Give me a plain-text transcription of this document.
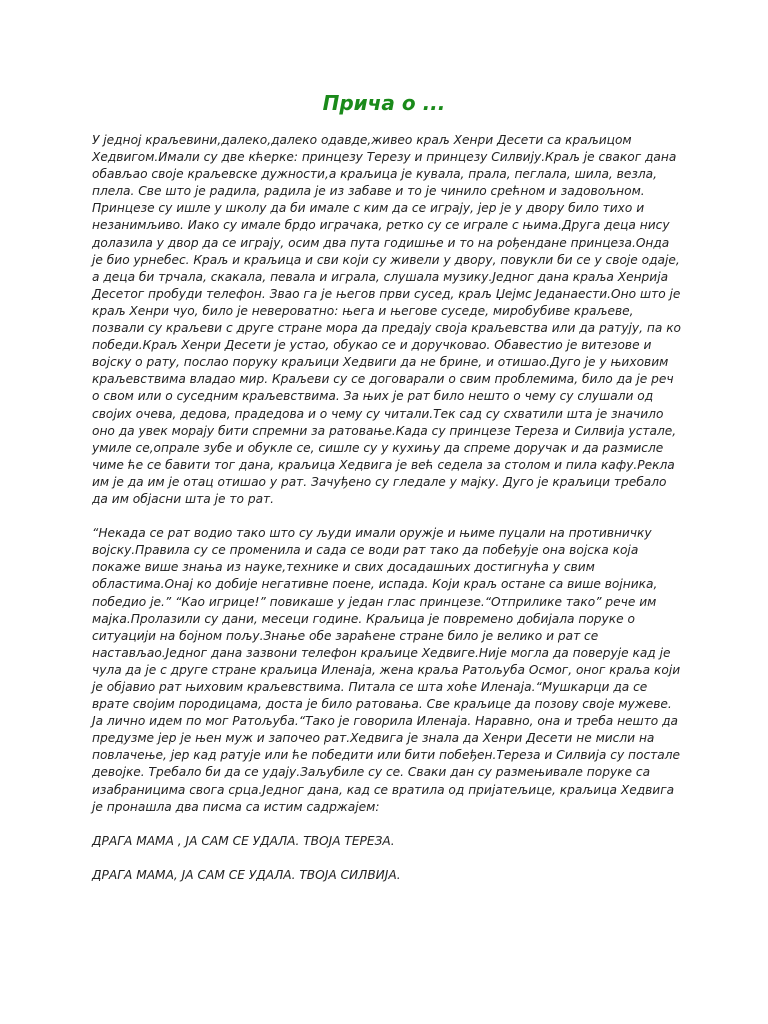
Прича о ...

У једној краљевини,далеко,далеко одавде,живео краљ Хенри Десети са краљицом Хедвигом.Имали су две кћерке: принцезу Терезу и принцезу Силвију.Краљ је сваког дана обављао своје краљевске дужности,а краљица је кувала, прала, пеглала, шила, везла, плела. Све што је радила, радила је из забаве и то је чинило срећном и задовољном. Принцезе су ишле у школу да би имале с ким да се играју, јер је у двору било тихо и незанимљиво. Иако су имале брдо играчака, ретко су се играле с њима.Друга деца нису долазила у двор да се играју, осим два пута годишње и то на рођендане принцеза.Онда је био урнебес. Краљ и краљица и сви који су живели у двору, повукли би се у своје одаје, а деца би трчала, скакала, певала и играла, слушала музику.Једног дана краља Хенрија Десетог пробуди телефон. Звао га је његов први сусед, краљ Џејмс Једанаести.Оно што је краљ Хенри чуо, било је невероватно: њега и његове суседе, миробубиве краљеве, позвали су краљеви с друге стране мора да предају своја краљевства или да ратују, па ко победи.Краљ Хенри Десети је устао, обукао се и доручковао. Обавестио је витезове и војску о рату, послао поруку краљици Хедвиги да не брине, и отишао.Дуго је у њиховим краљевствима владао мир. Краљеви су се договарали о свим проблемима, било да је реч о свом или о суседним краљевствима. За њих је рат било нешто о чему су слушали од својих очева, дедова, прадедова и о чему су читали.Тек сад су схватили шта је значило оно да увек морају бити спремни за ратовање.Када су принцезе Тереза и Силвија устале, умиле се,опрале зубе и обукле се, сишле су у кухињу да спреме доручак и да размисле чиме ће се бавити тог дана, краљица Хедвига је већ седела за столом и пила кафу.Рекла им је да им је отац отишао у рат. Зачуђено су гледале у мајку. Дуго је краљици требало да им објасни шта је то рат.

“Некада се рат водио тако што су људи имали оружје и њиме пуцали на противничку војску.Правила су се променила и сада се води рат тако да побеђује она војска која покаже више знања из науке,технике и свих досадашњих достигнућа у свим областима.Онај ко добије негативне поене, испада. Који краљ остане са више војника, победио је.” “Као игрице!” повикаше у један глас принцезе.“Отприлике тако” рече им мајка.Пролазили су дани, месеци године. Краљица је повремено добијала поруке о ситуацији на бојном пољу.Знање обе зараћене стране било је велико и рат се настављао.Једног дана зазвони телефон краљице Хедвиге.Није могла да поверује кад је чула да је с друге стране краљица Иленаја, жена краља Ратољуба Осмог, оног краља који је објавио рат њиховим краљевствима. Питала се шта хоће Иленаја.“Мушкарци да се врате својим породицама, доста је било ратовања. Све краљице да позову своје мужеве. Ја лично идем по мог Ратољуба.“Тако је говорила Иленаја. Наравно, она и треба нешто да предузме јер је њен муж и започео рат.Хедвига је знала да Хенри Десети не мисли на повлачење, јер кад ратује или ће победити или бити побеђен.Тереза и Силвија су постале девојке. Требало би да се удају.Заљубиле су се. Сваки дан су размењивале поруке са изабраницима свога срца.Једног дана, кад се вратила од пријатељице, краљица Хедвига је пронашла два писма са истим садржајем:

ДРАГА МАМА , ЈА САМ СЕ УДАЛА. ТВОЈА ТЕРЕЗА.

ДРАГА МАМА, ЈА САМ СЕ УДАЛА. ТВОЈА СИЛВИЈА.
